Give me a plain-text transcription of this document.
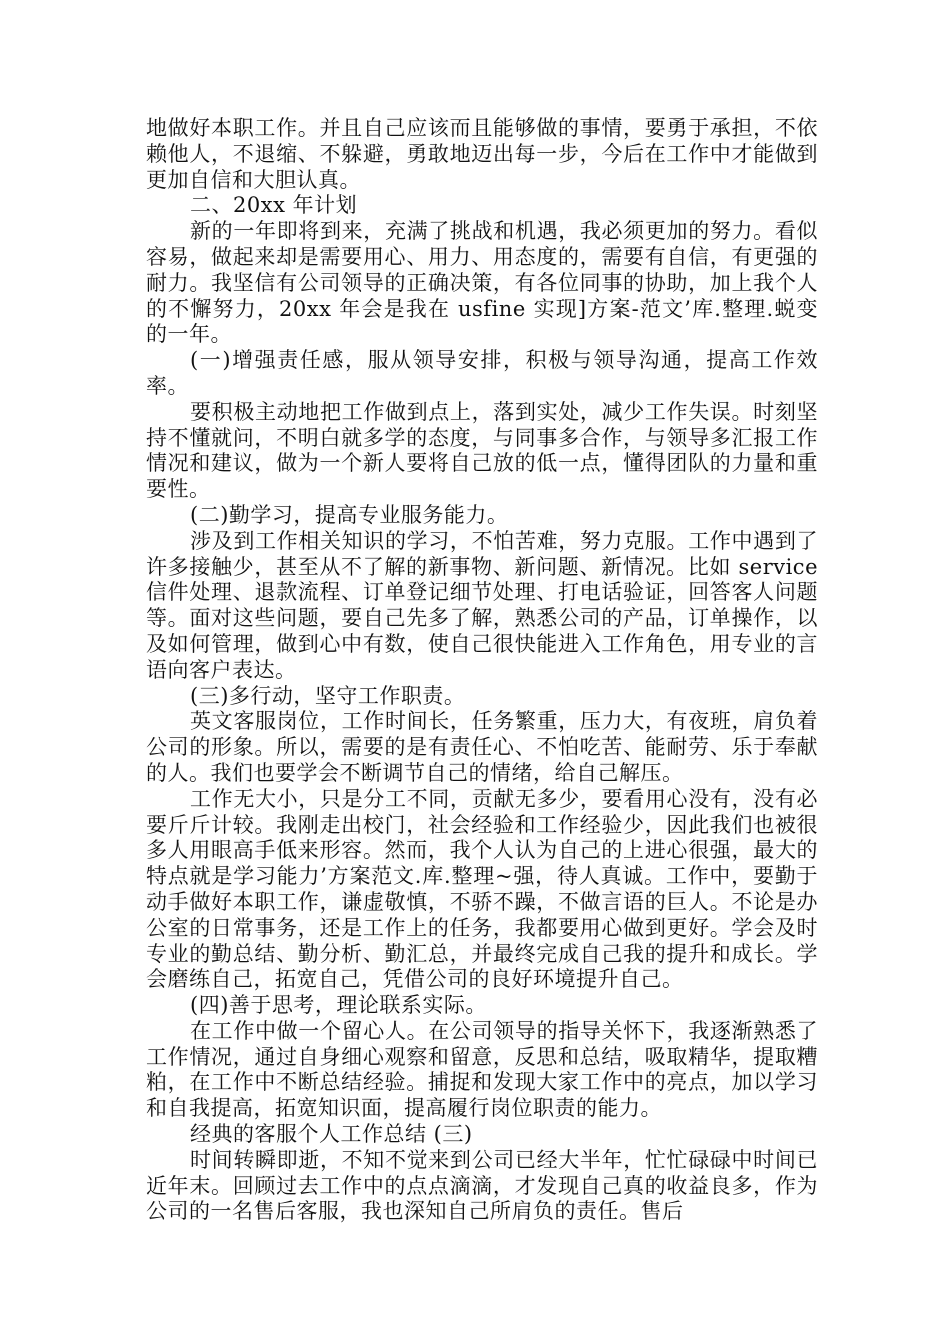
地做好本职工作。并且自己应该而且能够做的事情，要勇于承担，不依赖他人，不退缩、不躲避，勇敢地迈出每一步，今后在工作中才能做到更加自信和大胆认真。

二、20xx 年计划

新的一年即将到来，充满了挑战和机遇，我必须更加的努力。看似容易，做起来却是需要用心、用力、用态度的，需要有自信，有更强的耐力。我坚信有公司领导的正确决策，有各位同事的协助，加上我个人的不懈努力，20xx 年会是我在 usfine 实现]方案-范文’库.整理.蜕变的一年。

(一)增强责任感，服从领导安排，积极与领导沟通，提高工作效率。

要积极主动地把工作做到点上，落到实处，减少工作失误。时刻坚持不懂就问，不明白就多学的态度，与同事多合作，与领导多汇报工作情况和建议，做为一个新人要将自己放的低一点，懂得团队的力量和重要性。

(二)勤学习，提高专业服务能力。

涉及到工作相关知识的学习，不怕苦难，努力克服。工作中遇到了许多接触少，甚至从不了解的新事物、新问题、新情况。比如 service 信件处理、退款流程、订单登记细节处理、打电话验证，回答客人问题等。面对这些问题，要自己先多了解，熟悉公司的产品，订单操作，以及如何管理，做到心中有数，使自己很快能进入工作角色，用专业的言语向客户表达。

(三)多行动，坚守工作职责。

英文客服岗位，工作时间长，任务繁重，压力大，有夜班，肩负着公司的形象。所以，需要的是有责任心、不怕吃苦、能耐劳、乐于奉献的人。我们也要学会不断调节自己的情绪，给自己解压。

工作无大小，只是分工不同，贡献无多少，要看用心没有，没有必要斤斤计较。我刚走出校门，社会经验和工作经验少，因此我们也被很多人用眼高手低来形容。然而，我个人认为自己的上进心很强，最大的特点就是学习能力’方案范文.库.整理~强，待人真诚。工作中，要勤于动手做好本职工作，谦虚敬慎，不骄不躁，不做言语的巨人。不论是办公室的日常事务，还是工作上的任务，我都要用心做到更好。学会及时专业的勤总结、勤分析、勤汇总，并最终完成自己我的提升和成长。学会磨练自己，拓宽自己，凭借公司的良好环境提升自己。

(四)善于思考，理论联系实际。

在工作中做一个留心人。在公司领导的指导关怀下，我逐渐熟悉了工作情况，通过自身细心观察和留意，反思和总结，吸取精华，提取糟粕，在工作中不断总结经验。捕捉和发现大家工作中的亮点，加以学习和自我提高，拓宽知识面，提高履行岗位职责的能力。

经典的客服个人工作总结 (三)

时间转瞬即逝，不知不觉来到公司已经大半年，忙忙碌碌中时间已近年末。回顾过去工作中的点点滴滴，才发现自己真的收益良多，作为公司的一名售后客服，我也深知自己所肩负的责任。售后
